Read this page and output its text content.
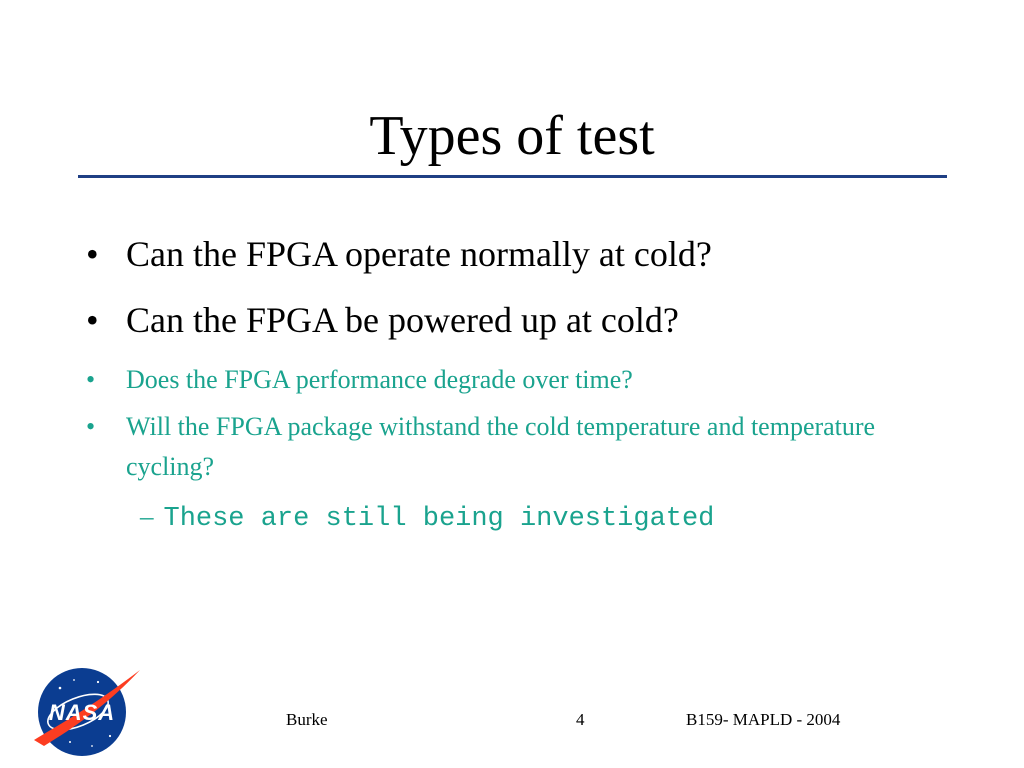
Types of test
• Can the FPGA operate normally at cold?
• Can the FPGA be powered up at cold?
• Does the FPGA performance degrade over time?
• Will the FPGA package withstand the cold temperature and temperature cycling?
– These are still being investigated
NASA	Burke	4	B159- MAPLD - 2004
